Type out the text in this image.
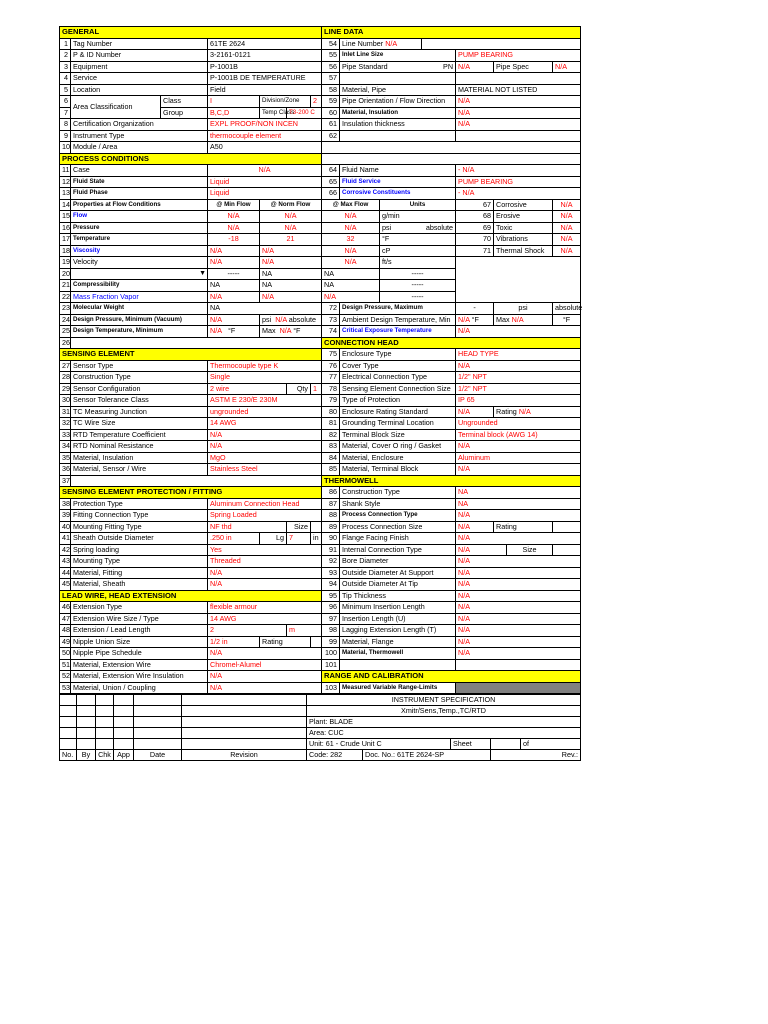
GENERAL							LINE DATA							
1	Tag Number		61TE 2624				54	Line Number N/A						
2	P & ID Number		3-2161-0121				55	Inlet Line Size			PUMP BEARING			
3	Equipment		P-1001B				56	Pipe Standard PN			N/A	Pipe Spec		N/A
4	Service		P-1001B DE TEMPERATURE				57							
5	Location		Field				58	Material, Pipe			MATERIAL NOT LISTED			
6	Area Classification	Class	I	Division/Zone		2	59	Pipe Orientation / Flow Direction			N/A			
7		Group	B,C,D	Temp Class	T3-200 C		60	Material, Insulation			N/A			
8	Certification Organization		EXPL PROOF/NON INCEN				61	Insulation thickness			N/A			
9	Instrument Type		thermocouple element				62							
10	Module / Area		A50											
PROCESS CONDITIONS														
11	Case		N/A				64	Fluid Name			- N/A			
12	Fluid State		Liquid				65	Fluid Service			PUMP BEARING			
13	Fluid Phase		Liquid				66	Corrosive Constituents			- N/A			
14	Properties at Flow Conditions		@ Min Flow	@ Norm Flow			@ Max Flow		Units		67	Corrosive		N/A
15	Flow		N/A	N/A			N/A		g/min		68	Erosive		N/A
16	Pressure		N/A	N/A			N/A		psi absolute		69	Toxic		N/A
17	Temperature		-18	21			32		°F		70	Vibrations		N/A
18	Viscosity		N/A	N/A			N/A		cP		71	Thermal Shock		N/A
19	Velocity		N/A	N/A			N/A		ft/s					
20	▼		-----	NA			NA		-----					
21	Compressibility		NA	NA			NA		-----					
22	Mass Fraction Vapor		N/A	N/A			N/A		-----					
23	Molecular Weight		NA				72	Design Pressure, Maximum			-	psi		absolute
24	Design Pressure, Minimum (Vacuum)		N/A	psi N/A absolute			73	Ambient Design Temperature, Min			N/A °F	Max N/A		°F
25	Design Temperature, Minimum		N/A °F	Max N/A °F			74	Critical Exposure Temperature			N/A			
26							CONNECTION HEAD							
SENSING ELEMENT							75	Enclosure Type			HEAD TYPE			
27	Sensor Type		Thermocouple type K				76	Cover Type			N/A			
28	Construction Type		Single				77	Electrical Connection Type			1/2" NPT			
29	Sensor Configuration		2 wire		Qty	1	78	Sensing Element Connection Size			1/2" NPT			
30	Sensor Tolerance Class		ASTM E 230/E 230M				79	Type of Protection			IP 65			
31	TC Measuring Junction		ungrounded				80	Enclosure Rating Standard			N/A	Rating N/A		
32	TC Wire Size		14 AWG				81	Grounding Terminal Location			Ungrounded			
33	RTD Temperature Coefficient		N/A				82	Terminal Block Size			Terminal block (AWG 14)			
34	RTD Nominal Resistance		N/A				83	Material, Cover O ring / Gasket			N/A			
35	Material, Insulation		MgO				84	Material, Enclosure			Aluminum			
36	Material, Sensor / Wire		Stainless Steel				85	Material, Terminal Block			N/A			
37							THERMOWELL							
SENSING ELEMENT PROTECTION / FITTING							86	Construction Type			NA			
38	Protection Type		Aluminum Connection Head				87	Shank Style			NA			
39	Fitting Connection Type		Spring Loaded				88	Process Connection Type			N/A			
40	Mounting Fitting Type		NF thd		Size		89	Process Connection Size			N/A	Rating		
41	Sheath Outside Diameter		.250 in	Lg	7	in	90	Flange Facing Finish			N/A			
42	Spring loading		Yes				91	Internal Connection Type			N/A		Size	
43	Mounting Type		Threaded				92	Bore Diameter			N/A			
44	Material, Fitting		N/A				93	Outside Diameter At Support			N/A			
45	Material, Sheath		N/A				94	Outside Diameter At Tip			N/A			
LEAD WIRE, HEAD EXTENSION							95	Tip Thickness			N/A			
46	Extension Type		flexible armour				96	Minimum Insertion Length			N/A			
47	Extension Wire Size / Type		14 AWG				97	Insertion Length (U)			N/A			
48	Extension / Lead Length		2		m		98	Lagging Extension Length (T)			N/A			
49	Nipple Union Size		1/2 in	Rating			99	Material, Flange			N/A			
50	Nipple Pipe Schedule		N/A				100	Material, Thermowell			N/A			
51	Material, Extension Wire		Chromel-Alumel				101							
52	Material, Extension Wire Insulation		N/A				RANGE AND CALIBRATION							
53	Material, Union / Coupling		N/A				103	Measured Variable Range-Limits						
						INSTRUMENT SPECIFICATION				
						Xmitr/Sens,Temp.,TC/RTD				
						Plant: BLADE				
						Area: CUC				
						Unit: 61 - Crude Unit C		Sheet		of
No.	By	Chk	App	Date	Revision	Code: 282	Doc. No.: 61TE 2624-SP		Rev.:	
